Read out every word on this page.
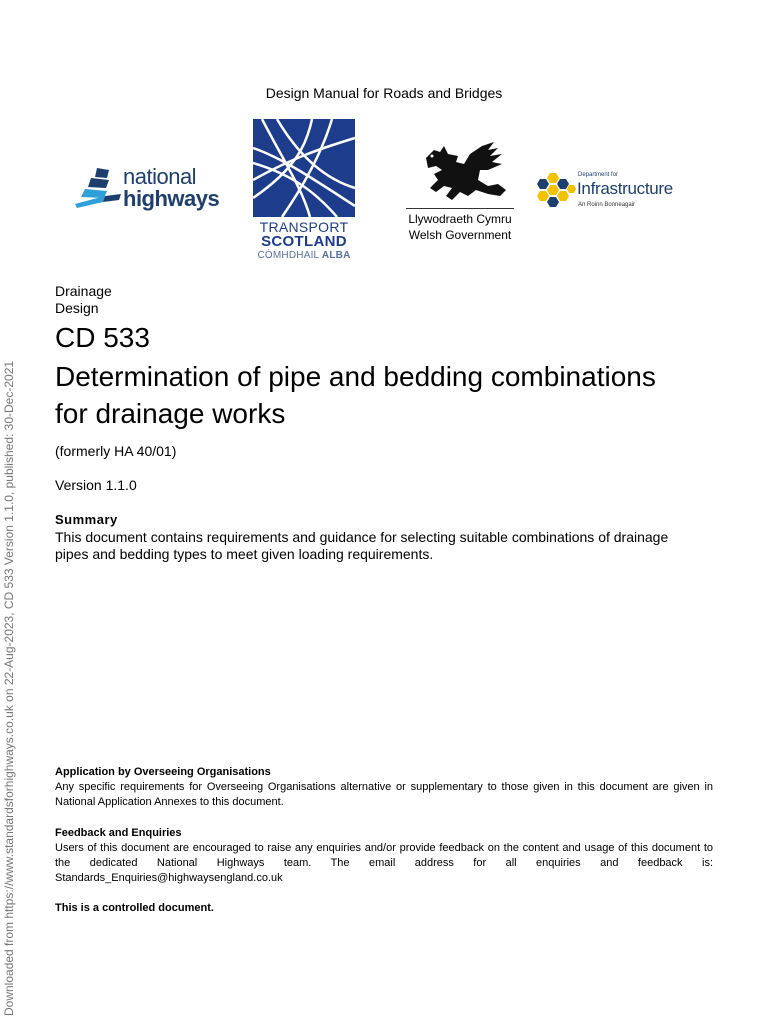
Downloaded from https://www.standardsforhighways.co.uk on 22-Aug-2023, CD 533 Version 1.1.0, published: 30-Dec-2021
Design Manual for Roads and Bridges
national
highways
TRANSPORT
SCOTLAND
CÒMHDHAIL ALBA
Llywodraeth Cymru
Welsh Government
Department for
Infrastructure
An Roinn Bonneagair
Drainage
Design
CD 533
Determination of pipe and bedding combinations for drainage works
(formerly HA 40/01)
Version 1.1.0
Summary
This document contains requirements and guidance for selecting suitable combinations of drainage pipes and bedding types to meet given loading requirements.
Application by Overseeing Organisations
Any specific requirements for Overseeing Organisations alternative or supplementary to those given in this document are given in National Application Annexes to this document.
Feedback and Enquiries
Users of this document are encouraged to raise any enquiries and/or provide feedback on the content and usage of this document to the dedicated National Highways team. The email address for all enquiries and feedback is: Standards_Enquiries@highwaysengland.co.uk
This is a controlled document.
